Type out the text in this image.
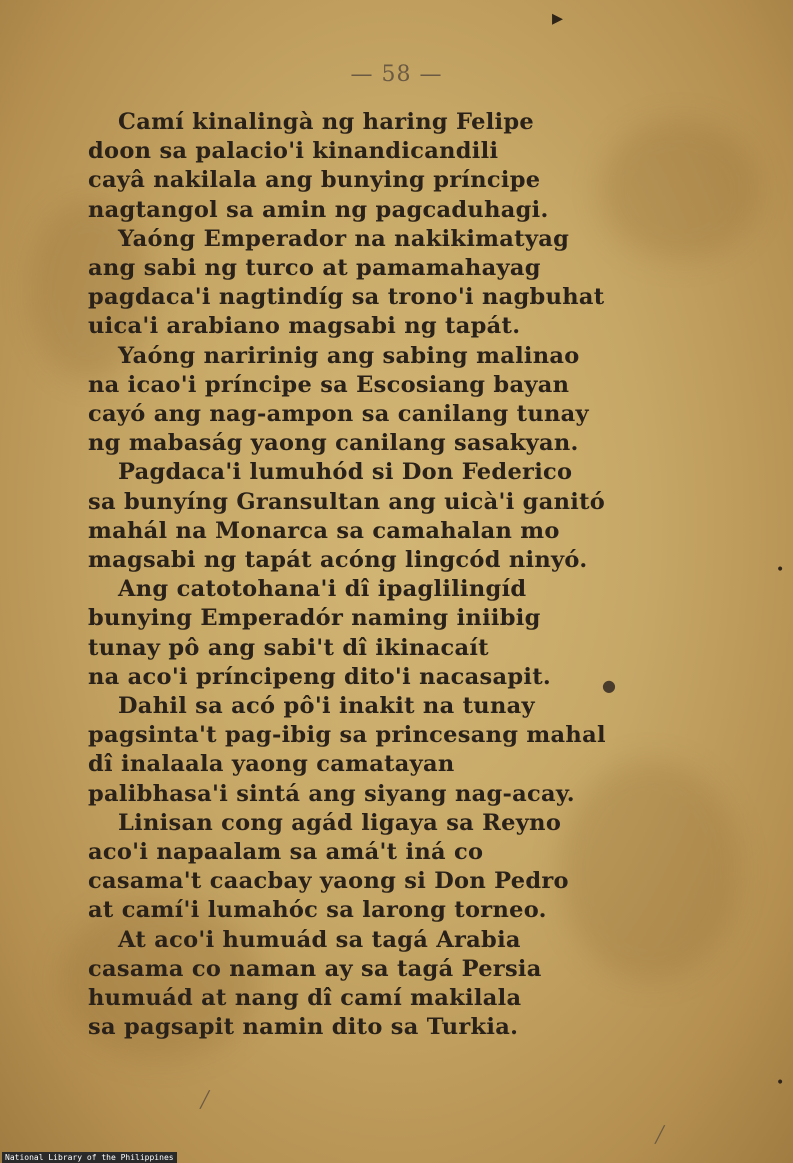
▸
●
•
•
╱
╱
— 58 —
Camí kinalingà ng haring Felipe
doon sa palacio'i kinandicandili
cayâ nakilala ang bunying príncipe
nagtangol sa amin ng pagcaduhagi.
Yaóng Emperador na nakikimatyag
ang sabi ng turco at pamamahayag
pagdaca'i nagtindíg sa trono'i nagbuhat
uica'i arabiano magsabi ng tapát.
Yaóng naririnig ang sabing malinao
na icao'i príncipe sa Escosiang bayan
cayó ang nag-ampon sa canilang tunay
ng mabaság yaong canilang sasakyan.
Pagdaca'i lumuhód si Don Federico
sa bunyíng Gransultan ang uicà'i ganitó
mahál na Monarca sa camahalan mo
magsabi ng tapát acóng lingcód ninyó.
Ang catotohana'i dî ipaglilingíd
bunying Emperadór naming iniibig
tunay pô ang sabi't dî ikinacaít
na aco'i príncipeng dito'i nacasapit.
Dahil sa acó pô'i inakit na tunay
pagsinta't pag-ibig sa princesang mahal
dî inalaala yaong camatayan
palibhasa'i sintá ang siyang nag-acay.
Linisan cong agád ligaya sa Reyno
aco'i napaalam sa amá't iná co
casama't caacbay yaong si Don Pedro
at camí'i lumahóc sa larong torneo.
At aco'i humuád sa tagá Arabia
casama co naman ay sa tagá Persia
humuád at nang dî camí makilala
sa pagsapit namin dito sa Turkia.
National Library of the Philippines
